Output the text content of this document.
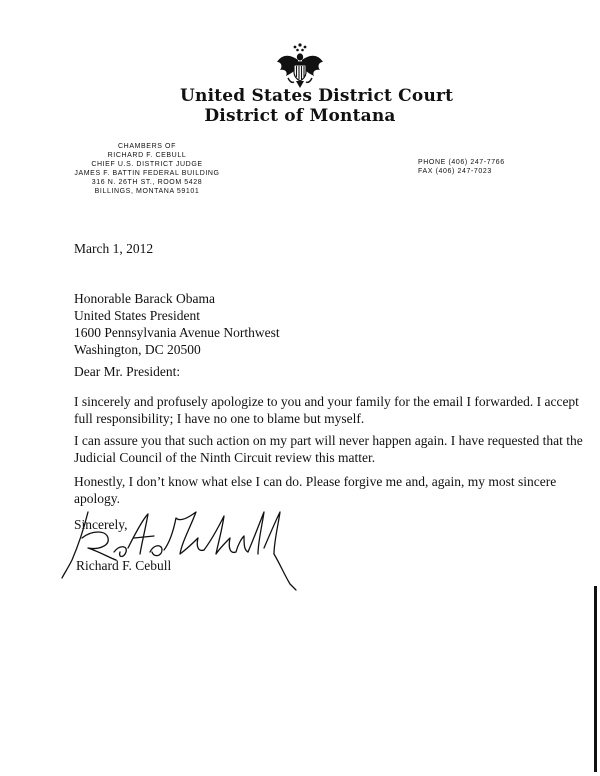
United States District Court
District of Montana
CHAMBERS OF
RICHARD F. CEBULL
CHIEF U.S. DISTRICT JUDGE
JAMES F. BATTIN FEDERAL BUILDING
316 N. 26TH ST., ROOM 5428
BILLINGS, MONTANA 59101
PHONE (406) 247-7766
FAX (406) 247-7023
March 1, 2012
Honorable Barack Obama
United States President
1600 Pennsylvania Avenue Northwest
Washington, DC 20500
Dear Mr. President:
I sincerely and profusely apologize to you and your family for the email I forwarded. I accept
full responsibility; I have no one to blame but myself.
I can assure you that such action on my part will never happen again. I have requested that the
Judicial Council of the Ninth Circuit review this matter.
Honestly, I don’t know what else I can do. Please forgive me and, again, my most sincere
apology.
Sincerely,
Richard F. Cebull
